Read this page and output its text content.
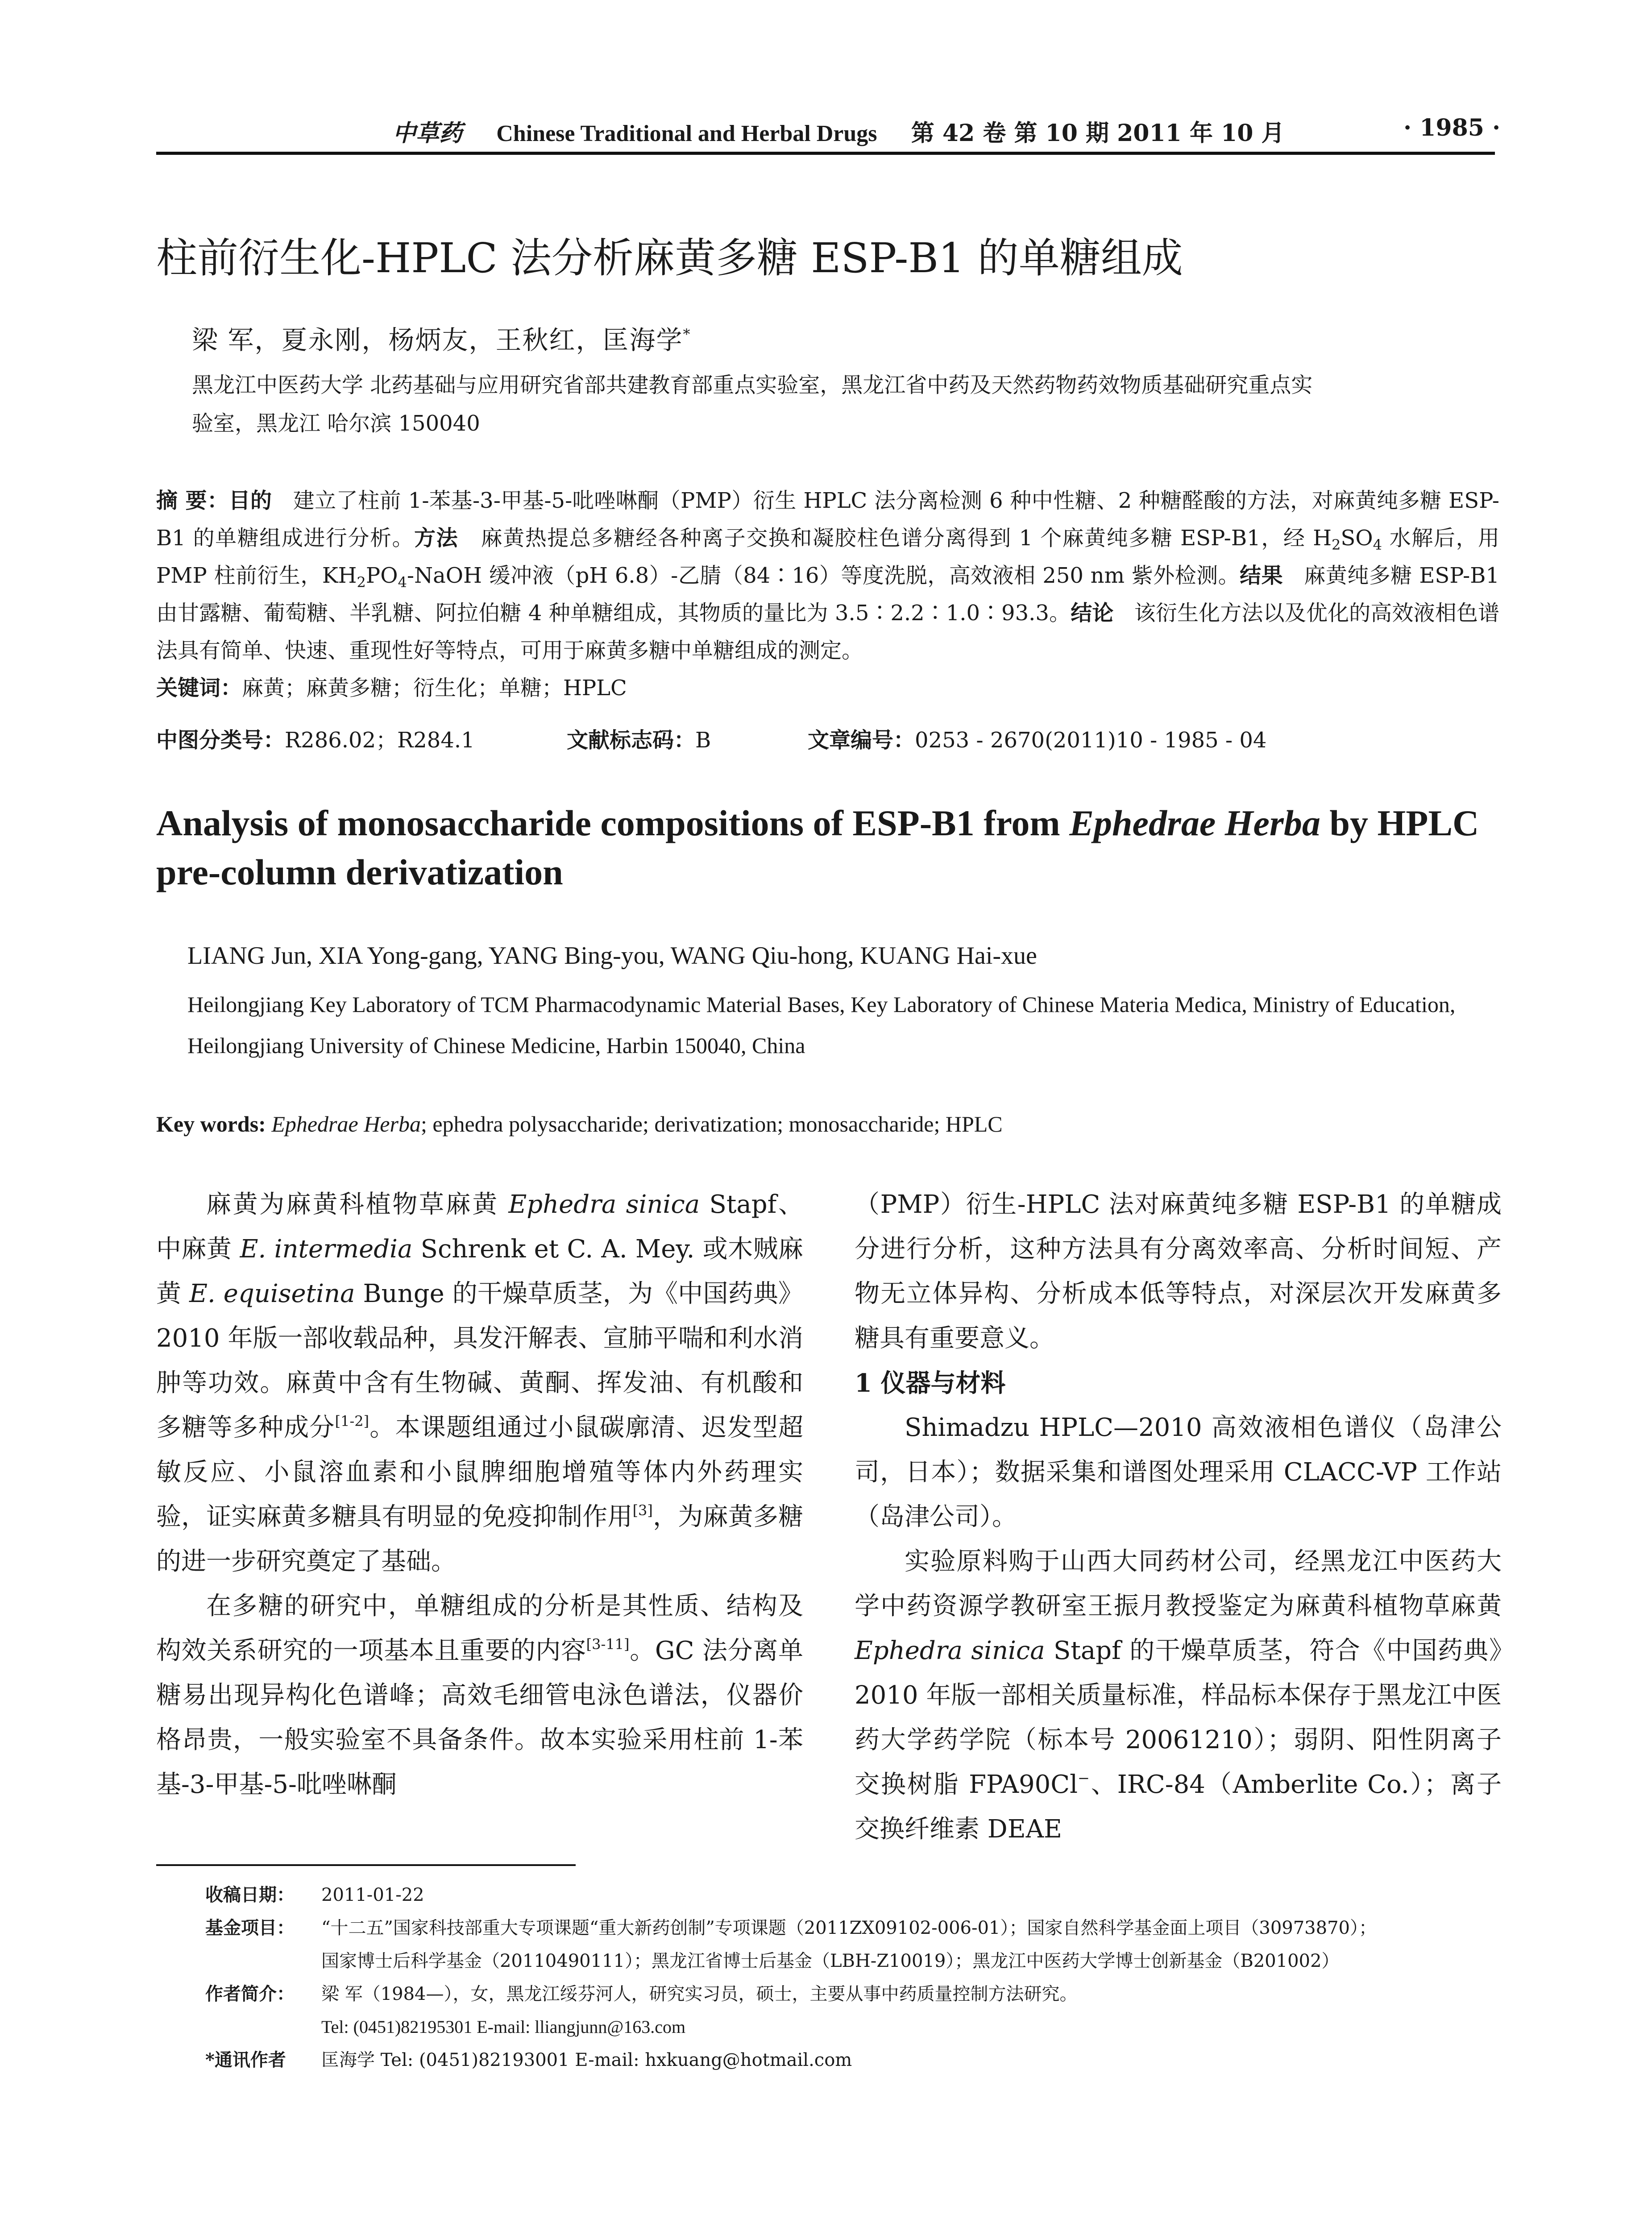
中草药 Chinese Traditional and Herbal Drugs 第 42 卷 第 10 期 2011 年 10 月	· 1985 ·
柱前衍生化-HPLC 法分析麻黄多糖 ESP-B1 的单糖组成
梁 军，夏永刚，杨炳友，王秋红，匡海学*
黑龙江中医药大学 北药基础与应用研究省部共建教育部重点实验室，黑龙江省中药及天然药物药效物质基础研究重点实
验室，黑龙江 哈尔滨 150040
摘 要：目的 建立了柱前 1-苯基-3-甲基-5-吡唑啉酮（PMP）衍生 HPLC 法分离检测 6 种中性糖、2 种糖醛酸的方法，对麻黄纯多糖 ESP-B1 的单糖组成进行分析。方法 麻黄热提总多糖经各种离子交换和凝胶柱色谱分离得到 1 个麻黄纯多糖 ESP-B1，经 $H_2SO_4$ 水解后，用 PMP 柱前衍生，$KH_2PO_4$-NaOH 缓冲液（pH 6.8）-乙腈（84∶16）等度洗脱，高效液相 250 nm 紫外检测。结果 麻黄纯多糖 ESP-B1 由甘露糖、葡萄糖、半乳糖、阿拉伯糖 4 种单糖组成，其物质的量比为 3.5∶2.2∶1.0∶93.3。结论 该衍生化方法以及优化的高效液相色谱法具有简单、快速、重现性好等特点，可用于麻黄多糖中单糖组成的测定。
关键词：麻黄；麻黄多糖；衍生化；单糖；HPLC
中图分类号：R286.02；R284.1	文献标志码：B	文章编号：0253 - 2670(2011)10 - 1985 - 04
Analysis of monosaccharide compositions of ESP-B1 from Ephedrae Herba by HPLC pre-column derivatization
LIANG Jun, XIA Yong-gang, YANG Bing-you, WANG Qiu-hong, KUANG Hai-xue
Heilongjiang Key Laboratory of TCM Pharmacodynamic Material Bases, Key Laboratory of Chinese Materia Medica, Ministry of Education, Heilongjiang University of Chinese Medicine, Harbin 150040, China
Key words: Ephedrae Herba; ephedra polysaccharide; derivatization; monosaccharide; HPLC

麻黄为麻黄科植物草麻黄 Ephedra sinica Stapf、中麻黄 E. intermedia Schrenk et C. A. Mey. 或木贼麻黄 E. equisetina Bunge 的干燥草质茎，为《中国药典》2010 年版一部收载品种，具发汗解表、宣肺平喘和利水消肿等功效。麻黄中含有生物碱、黄酮、挥发油、有机酸和多糖等多种成分[1-2]。本课题组通过小鼠碳廓清、迟发型超敏反应、小鼠溶血素和小鼠脾细胞增殖等体内外药理实验，证实麻黄多糖具有明显的免疫抑制作用[3]，为麻黄多糖的进一步研究奠定了基础。

在多糖的研究中，单糖组成的分析是其性质、结构及构效关系研究的一项基本且重要的内容[3-11]。GC 法分离单糖易出现异构化色谱峰；高效毛细管电泳色谱法，仪器价格昂贵，一般实验室不具备条件。故本实验采用柱前 1-苯基-3-甲基-5-吡唑啉酮

（PMP）衍生-HPLC 法对麻黄纯多糖 ESP-B1 的单糖成分进行分析，这种方法具有分离效率高、分析时间短、产物无立体异构、分析成本低等特点，对深层次开发麻黄多糖具有重要意义。

1 仪器与材料

Shimadzu HPLC—2010 高效液相色谱仪（岛津公司，日本）；数据采集和谱图处理采用 CLACC-VP 工作站（岛津公司）。

实验原料购于山西大同药材公司，经黑龙江中医药大学中药资源学教研室王振月教授鉴定为麻黄科植物草麻黄 Ephedra sinica Stapf 的干燥草质茎，符合《中国药典》2010 年版一部相关质量标准，样品标本保存于黑龙江中医药大学药学院（标本号 20061210）；弱阴、阳性阴离子交换树脂 FPA90Cl−、IRC-84（Amberlite Co.）；离子交换纤维素 DEAE

收稿日期： 2011-01-22
基金项目： “十二五”国家科技部重大专项课题“重大新药创制”专项课题（2011ZX09102-006-01）；国家自然科学基金面上项目（30973870）；
国家博士后科学基金（20110490111）；黑龙江省博士后基金（LBH-Z10019）；黑龙江中医药大学博士创新基金（B201002）
作者简介： 梁 军（1984—），女，黑龙江绥芬河人，研究实习员，硕士，主要从事中药质量控制方法研究。
Tel: (0451)82195301 E-mail: lliangjunn@163.com
*通讯作者 匡海学 Tel: (0451)82193001 E-mail: hxkuang@hotmail.com
